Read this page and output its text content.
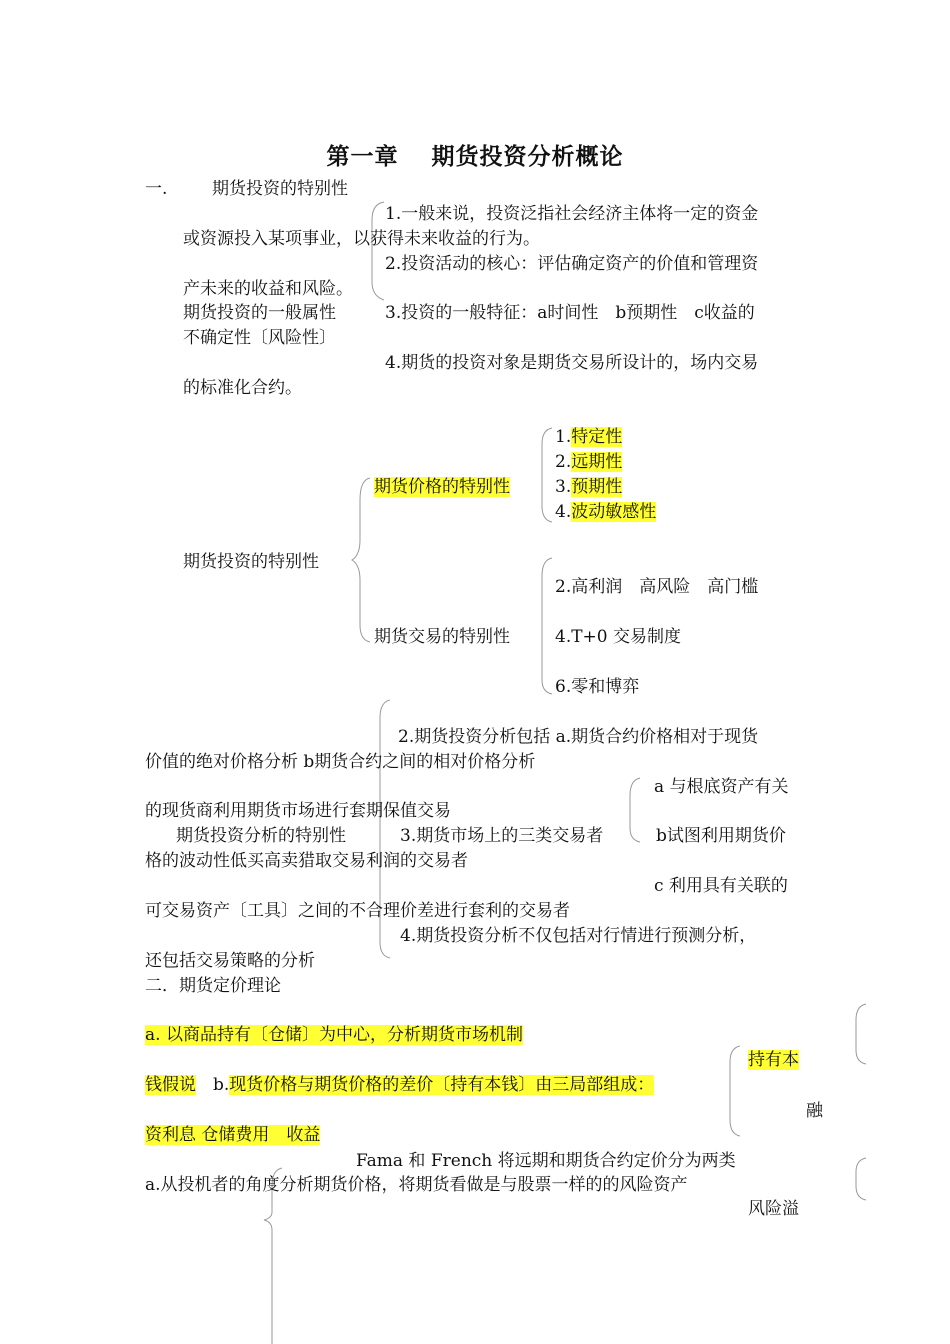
第一章　 期货投资分析概论
一.	期货投资的特别性
1.一般来说，投资泛指社会经济主体将一定的资金
或资源投入某项事业，以获得未来收益的行为。
2.投资活动的核心：评估确定资产的价值和管理资
产未来的收益和风险。
期货投资的一般属性	3.投资的一般特征：a时间性　b预期性　c收益的
不确定性〔风险性〕
4.期货的投资对象是期货交易所设计的，场内交易
的标准化合约。
1.特定性
2.远期性
期货价格的特别性	3.预期性
4.波动敏感性
期货投资的特别性
2.高利润　高风险　高门槛
期货交易的特别性	4.T+0 交易制度
6.零和博弈
2.期货投资分析包括 a.期货合约价格相对于现货
价值的绝对价格分析 b期货合约之间的相对价格分析
a 与根底资产有关
的现货商利用期货市场进行套期保值交易
期货投资分析的特别性	3.期货市场上的三类交易者	b试图利用期货价
格的波动性低买高卖猎取交易利润的交易者
c 利用具有关联的
可交易资产〔工具〕之间的不合理价差进行套利的交易者
4.期货投资分析不仅包括对行情进行预测分析，
还包括交易策略的分析
二．期货定价理论
a. 以商品持有〔仓储〕为中心，分析期货市场机制
持有本
钱假说　 b.现货价格与期货价格的差价〔持有本钱〕由三局部组成：
融
资利息 仓储费用　收益
Fama 和 French 将远期和期货合约定价分为两类
a.从投机者的角度分析期货价格，将期货看做是与股票一样的的风险资产
风险溢
